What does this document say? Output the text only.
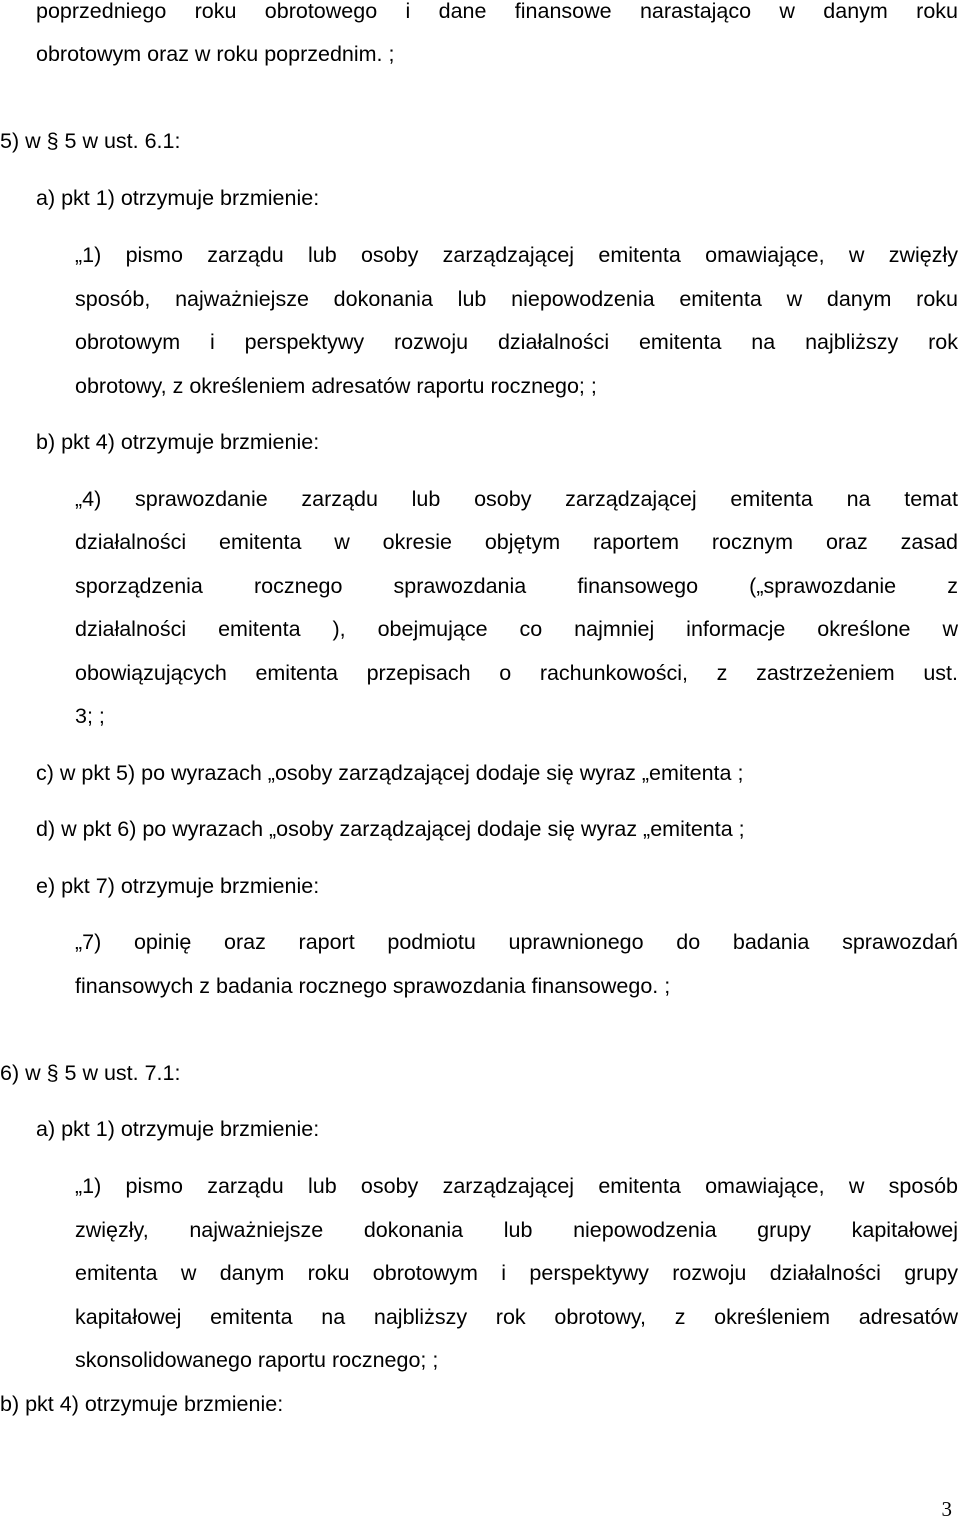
poprzedniego roku obrotowego i dane finansowe narastająco w danym roku

obrotowym oraz w roku poprzednim. ;

5) w § 5 w ust. 6.1:

a) pkt 1) otrzymuje brzmienie:

„1) pismo zarządu lub osoby zarządzającej emitenta omawiające, w zwięzły

sposób, najważniejsze dokonania lub niepowodzenia emitenta w danym roku

obrotowym i perspektywy rozwoju działalności emitenta na najbliższy rok

obrotowy, z określeniem adresatów raportu rocznego; ;

b) pkt 4) otrzymuje brzmienie:

„4) sprawozdanie zarządu lub osoby zarządzającej emitenta na temat

działalności emitenta w okresie objętym raportem rocznym oraz zasad

sporządzenia rocznego sprawozdania finansowego („sprawozdanie z

działalności emitenta ), obejmujące co najmniej informacje określone w

obowiązujących emitenta przepisach o rachunkowości, z zastrzeżeniem ust.

3; ;

c) w pkt 5) po wyrazach „osoby zarządzającej dodaje się wyraz „emitenta ;

d) w pkt 6) po wyrazach „osoby zarządzającej dodaje się wyraz „emitenta ;

e) pkt 7) otrzymuje brzmienie:

„7) opinię oraz raport podmiotu uprawnionego do badania sprawozdań

finansowych z badania rocznego sprawozdania finansowego. ;

6) w § 5 w ust. 7.1:

a) pkt 1) otrzymuje brzmienie:

„1) pismo zarządu lub osoby zarządzającej emitenta omawiające, w sposób

zwięzły, najważniejsze dokonania lub niepowodzenia grupy kapitałowej

emitenta w danym roku obrotowym i perspektywy rozwoju działalności grupy

kapitałowej emitenta na najbliższy rok obrotowy, z określeniem adresatów

skonsolidowanego raportu rocznego; ;

b) pkt 4) otrzymuje brzmienie:

3
